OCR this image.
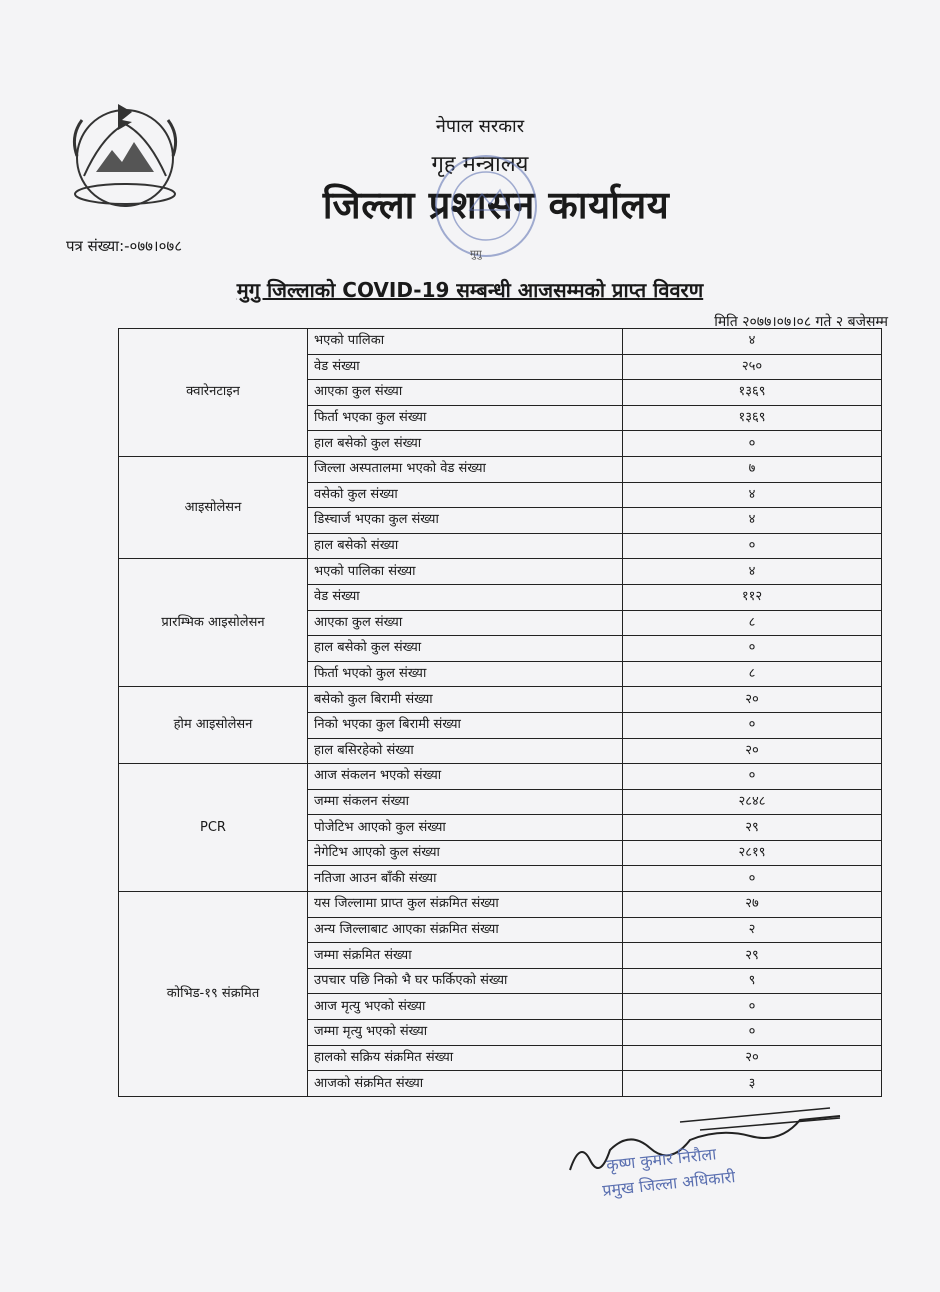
नेपाल सरकार
गृह मन्त्रालय
जिल्ला प्रशासन कार्यालय
मुगु
पत्र संख्या:-०७७।०७८
मुगु जिल्लाको COVID-19 सम्बन्धी आजसम्मको प्राप्त विवरण
मिति २०७७।०७।०८ गते २ बजेसम्म
क्वारेनटाइन	भएको पालिका	४
	वेड संख्या	२५०
	आएका कुल संख्या	१३६९
	फिर्ता भएका कुल संख्या	१३६९
	हाल बसेको कुल संख्या	०
आइसोलेसन	जिल्ला अस्पतालमा भएको वेड संख्या	७
	वसेको कुल संख्या	४
	डिस्चार्ज भएका कुल संख्या	४
	हाल बसेको संख्या	०
प्रारम्भिक आइसोलेसन	भएको पालिका संख्या	४
	वेड संख्या	११२
	आएका कुल संख्या	८
	हाल बसेको कुल संख्या	०
	फिर्ता भएको कुल संख्या	८
होम आइसोलेसन	बसेको कुल बिरामी संख्या	२०
	निको भएका कुल बिरामी संख्या	०
	हाल बसिरहेको संख्या	२०
PCR	आज संकलन भएको संख्या	०
	जम्मा संकलन संख्या	२८४८
	पोजेटिभ आएको कुल संख्या	२९
	नेगेटिभ आएको कुल संख्या	२८१९
	नतिजा आउन बाँकी संख्या	०
कोभिड-१९ संक्रमित	यस जिल्लामा प्राप्त कुल संक्रमित संख्या	२७
	अन्य जिल्लाबाट आएका संक्रमित संख्या	२
	जम्मा संक्रमित संख्या	२९
	उपचार पछि निको भै घर फर्किएको संख्या	९
	आज मृत्यु भएको संख्या	०
	जम्मा मृत्यु भएको संख्या	०
	हालको सक्रिय संक्रमित संख्या	२०
	आजको संक्रमित संख्या	३
कृष्ण कुमार निरौला
प्रमुख जिल्ला अधिकारी
